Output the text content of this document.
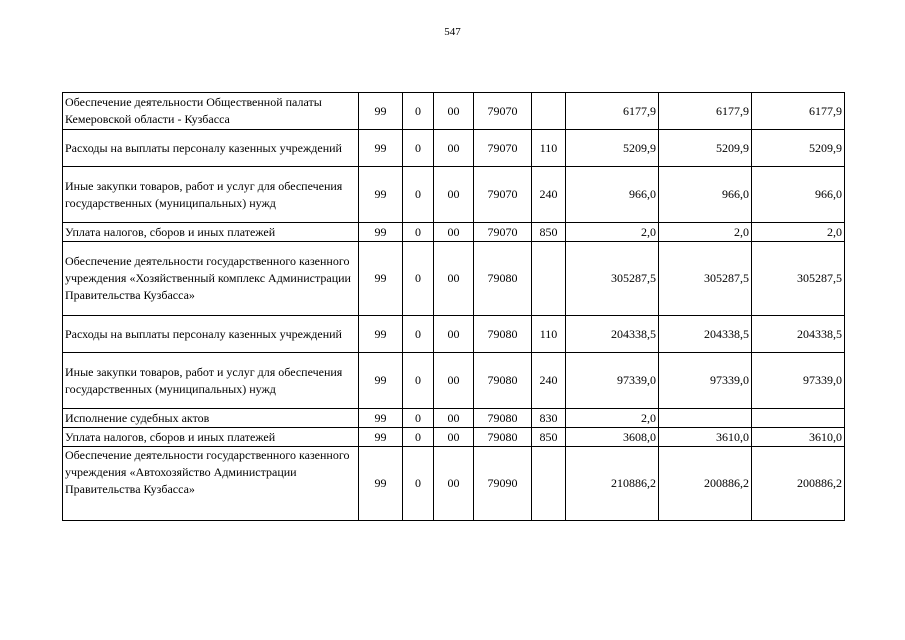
547
Обеспечение деятельности Общественной палаты Кемеровской области - Кузбасса	99	0	00	79070		6177,9	6177,9	6177,9
Расходы на выплаты персоналу казенных учреждений	99	0	00	79070	110	5209,9	5209,9	5209,9
Иные закупки товаров, работ и услуг для обеспечения государственных (муниципальных) нужд	99	0	00	79070	240	966,0	966,0	966,0
Уплата налогов, сборов и иных платежей	99	0	00	79070	850	2,0	2,0	2,0
Обеспечение деятельности государственного казенного учреждения «Хозяйственный комплекс Администрации Правительства Кузбасса»	99	0	00	79080		305287,5	305287,5	305287,5
Расходы на выплаты персоналу казенных учреждений	99	0	00	79080	110	204338,5	204338,5	204338,5
Иные закупки товаров, работ и услуг для обеспечения государственных (муниципальных) нужд	99	0	00	79080	240	97339,0	97339,0	97339,0
Исполнение судебных актов	99	0	00	79080	830	2,0		
Уплата налогов, сборов и иных платежей	99	0	00	79080	850	3608,0	3610,0	3610,0
Обеспечение деятельности государственного казенного учреждения «Автохозяйство Администрации Правительства Кузбасса»	99	0	00	79090		210886,2	200886,2	200886,2
